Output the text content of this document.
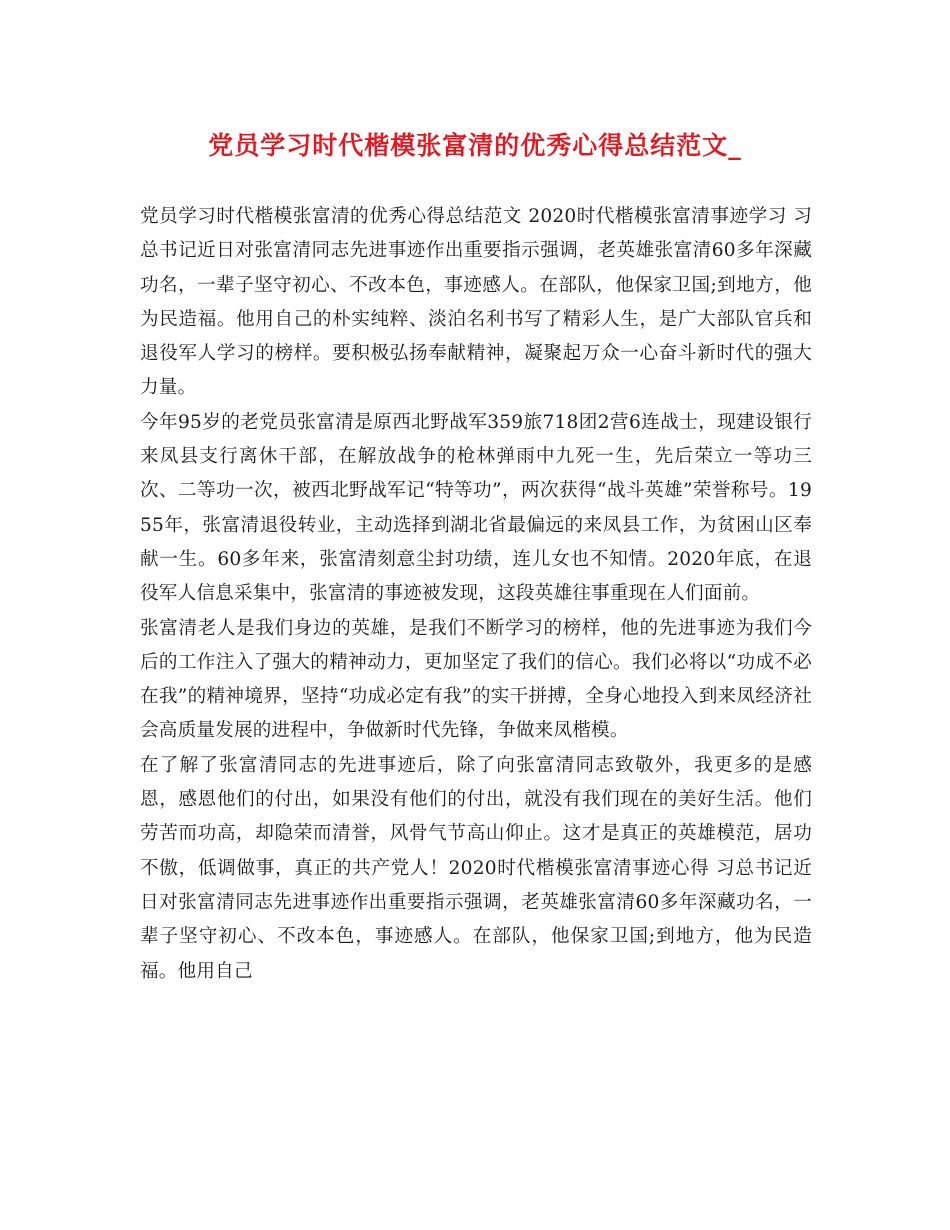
党员学习时代楷模张富清的优秀心得总结范文_

党员学习时代楷模张富清的优秀心得总结范文 2020时代楷模张富清事迹学习 习总书记近日对张富清同志先进事迹作出重要指示强调，老英雄张富清60多年深藏功名，一辈子坚守初心、不改本色，事迹感人。在部队，他保家卫国;到地方，他为民造福。他用自己的朴实纯粹、淡泊名利书写了精彩人生，是广大部队官兵和退役军人学习的榜样。要积极弘扬奉献精神，凝聚起万众一心奋斗新时代的强大力量。

今年95岁的老党员张富清是原西北野战军359旅718团2营6连战士，现建设银行来凤县支行离休干部，在解放战争的枪林弹雨中九死一生，先后荣立一等功三次、二等功一次，被西北野战军记“特等功”，两次获得“战斗英雄”荣誉称号。1955年，张富清退役转业，主动选择到湖北省最偏远的来凤县工作，为贫困山区奉献一生。60多年来，张富清刻意尘封功绩，连儿女也不知情。2020年底，在退役军人信息采集中，张富清的事迹被发现，这段英雄往事重现在人们面前。

张富清老人是我们身边的英雄，是我们不断学习的榜样，他的先进事迹为我们今后的工作注入了强大的精神动力，更加坚定了我们的信心。我们必将以“功成不必在我”的精神境界，坚持“功成必定有我”的实干拼搏，全身心地投入到来凤经济社会高质量发展的进程中，争做新时代先锋，争做来凤楷模。

在了解了张富清同志的先进事迹后，除了向张富清同志致敬外，我更多的是感恩，感恩他们的付出，如果没有他们的付出，就没有我们现在的美好生活。他们劳苦而功高，却隐荣而清誉，风骨气节高山仰止。这才是真正的英雄模范，居功不傲，低调做事，真正的共产党人！2020时代楷模张富清事迹心得 习总书记近日对张富清同志先进事迹作出重要指示强调，老英雄张富清60多年深藏功名，一辈子坚守初心、不改本色，事迹感人。在部队，他保家卫国;到地方，他为民造福。他用自己
